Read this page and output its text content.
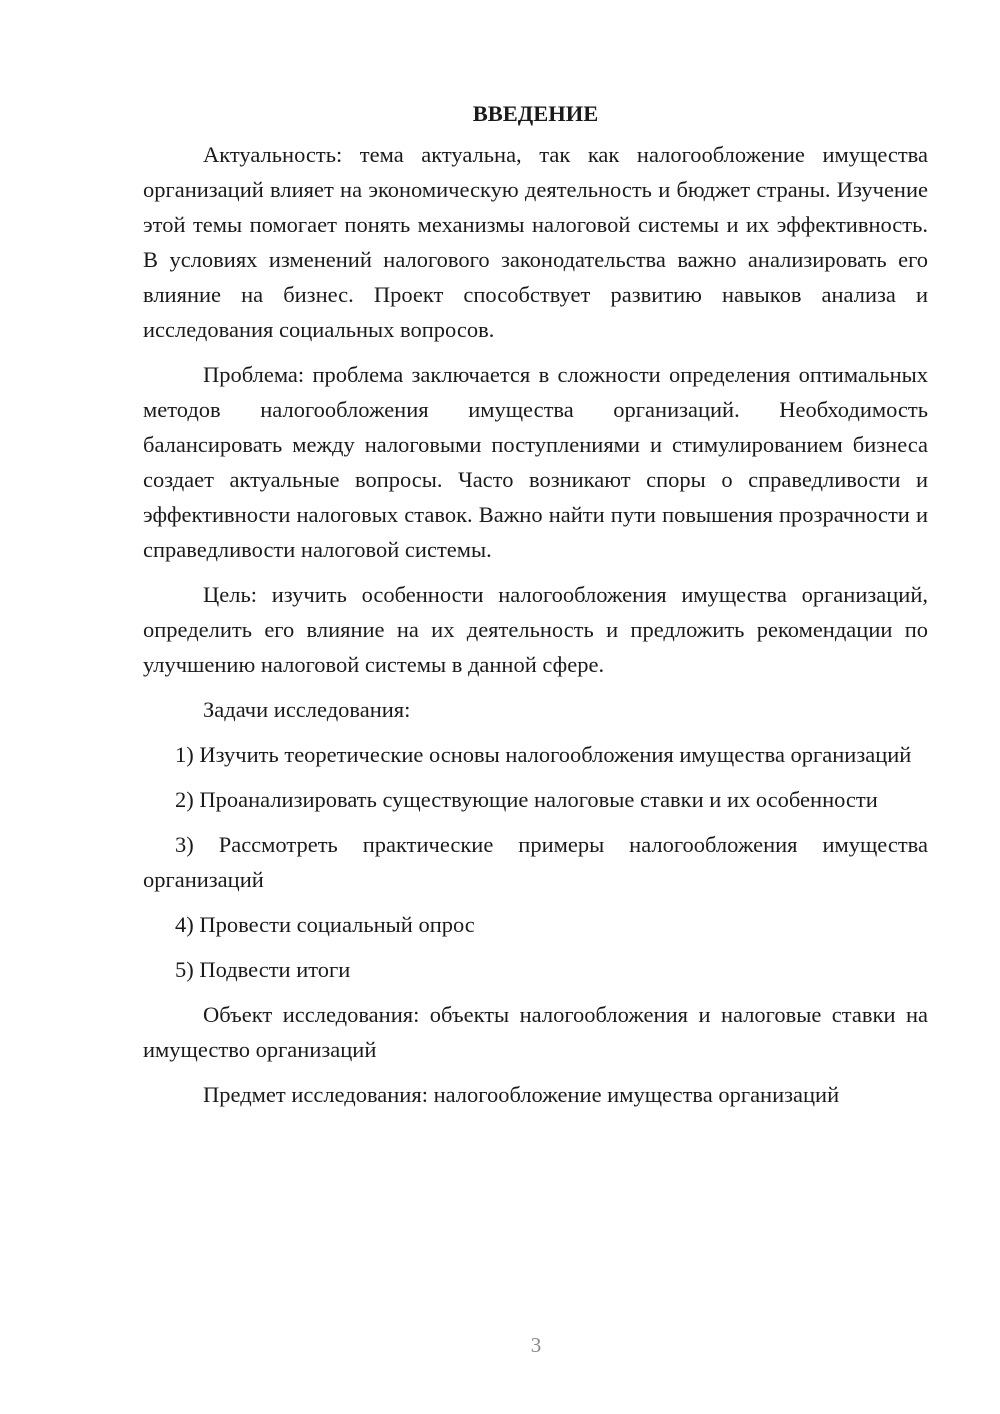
ВВЕДЕНИЕ

Актуальность: тема актуальна, так как налогообложение имущества организаций влияет на экономическую деятельность и бюджет страны. Изучение этой темы помогает понять механизмы налоговой системы и их эффективность. В условиях изменений налогового законодательства важно анализировать его влияние на бизнес. Проект способствует развитию навыков анализа и исследования социальных вопросов.

Проблема: проблема заключается в сложности определения оптимальных методов налогообложения имущества организаций. Необходимость балансировать между налоговыми поступлениями и стимулированием бизнеса создает актуальные вопросы. Часто возникают споры о справедливости и эффективности налоговых ставок. Важно найти пути повышения прозрачности и справедливости налоговой системы.

Цель: изучить особенности налогообложения имущества организаций, определить его влияние на их деятельность и предложить рекомендации по улучшению налоговой системы в данной сфере.

Задачи исследования:

1) Изучить теоретические основы налогообложения имущества организаций

2) Проанализировать существующие налоговые ставки и их особенности

3) Рассмотреть практические примеры налогообложения имущества организаций

4) Провести социальный опрос

5) Подвести итоги

Объект исследования: объекты налогообложения и налоговые ставки на имущество организаций

Предмет исследования: налогообложение имущества организаций

3
